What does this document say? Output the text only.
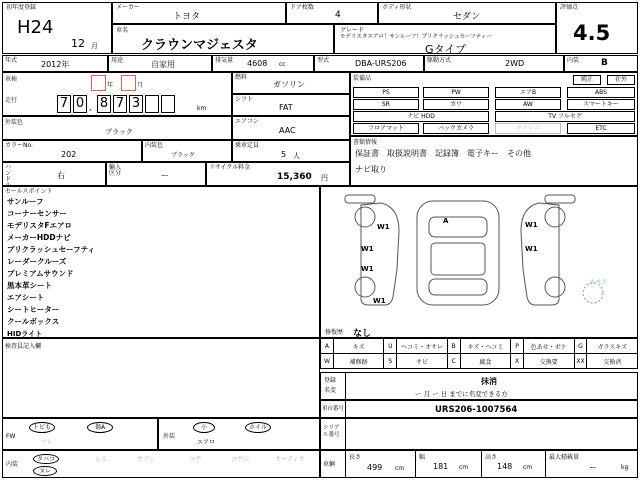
初年度登録
H24
12 月
メーカー
トヨタ
ドア枚数
4
ボディ形状
セダン
評価点
4.5
車名
クラウンマジェスタ
グレード
モデリスタエアロ！サンルーフ！プリクラッシュセーフティー
Gタイプ
年式	2012年	用途	自家用	排気量 4608 cc
型式	DBA-URS206	駆動方式	2WD	内装 B
車検
年	月
走行	7 0 , 8 7 3	km
燃料
ガソリン
シフト
FAT
外装色
ブラック
エアコン
AAC
カラーNo.
202
内装色
ブラック
乗車定員
5 人
ハンドル
右
輸入区分	ー
リサイクル料金
15,360 円
装備品	純正	社外
PS	PW	エアB	ABS
SR	カワ	AW	スマートキー
ナビ HDD	TV フルセグ
フロアマット	バックカメラ	ドラレコ	ETC
書類情報
保証書　取扱説明書　記録簿　電子キー　その他
ナビ取り
セールスポイント
サンルーフ
コーナーセンサー
モデリスタFエアロ
メーカーHDDナビ
プリクラッシュセーフティ
レーダークルーズ
プレミアムサウンド
黒本革シート
エアシート
シートヒーター
クールボックス
HIDライト
W1
W1
W1
W1
W1
W1
A
スペア
修復歴 なし
検査員記入欄	A	キズ	U	ヘコミ・オサレ	B	キズ・ヘコミ	P	色あせ・ボケ	G	ガラスキズ
W	補修跡	S	サビ	C	腐食	X	交換要	XX	交換済
登録
名変
抹消
ー 月 ー 日 までに名変できる方
車台番号	URS206-1007564
FW
トビも	傷A
ワレ
外装
小	ホイル
エアロ
シリアル番号
内装
タバコ	シミ	ヤブレ	コゲ	コゲ穴	オーディオ
ヌレ
車輌
長さ
499 cm
幅
181 cm
高さ
148 cm
最大積載量
ー	kg
